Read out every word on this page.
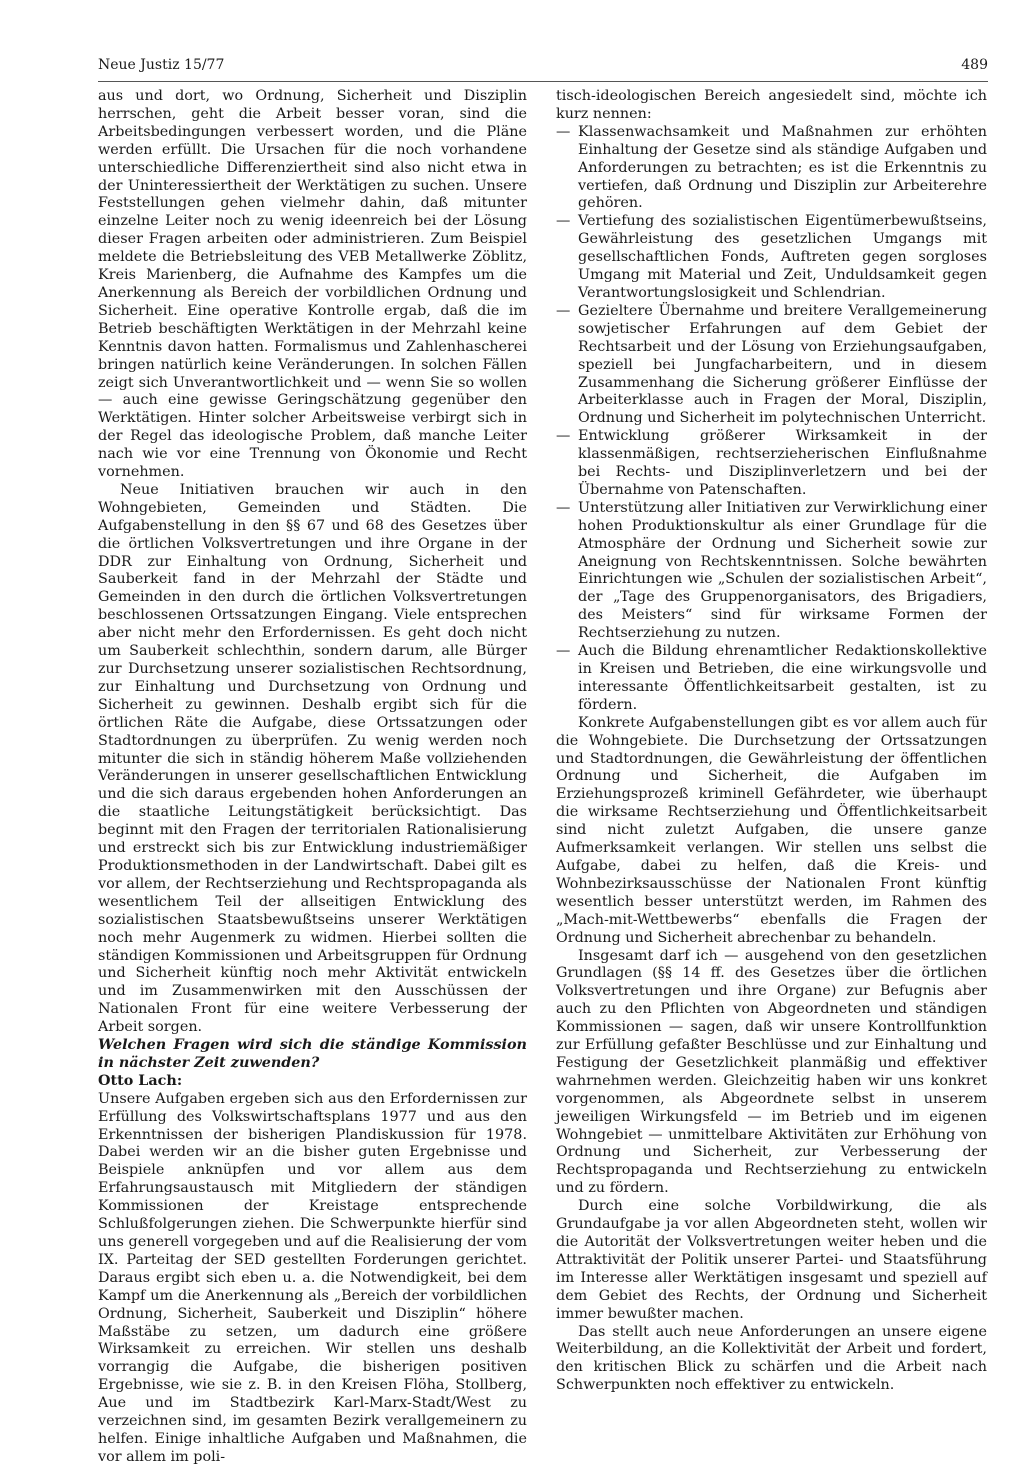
Neue Justiz 15/77	489

aus und dort, wo Ordnung, Sicherheit und Disziplin herrschen, geht die Arbeit besser voran, sind die Arbeitsbedingungen verbessert worden, und die Pläne werden erfüllt. Die Ursachen für die noch vorhandene unterschiedliche Differenziertheit sind also nicht etwa in der Uninteressiertheit der Werktätigen zu suchen. Unsere Feststellungen gehen vielmehr dahin, daß mitunter einzelne Leiter noch zu wenig ideenreich bei der Lösung dieser Fragen arbeiten oder administrieren. Zum Beispiel meldete die Betriebsleitung des VEB Metallwerke Zöblitz, Kreis Marienberg, die Aufnahme des Kampfes um die Anerkennung als Bereich der vorbildlichen Ordnung und Sicherheit. Eine operative Kontrolle ergab, daß die im Betrieb beschäftigten Werktätigen in der Mehrzahl keine Kenntnis davon hatten. Formalismus und Zahlenhascherei bringen natürlich keine Veränderungen. In solchen Fällen zeigt sich Unverantwortlichkeit und — wenn Sie so wollen — auch eine gewisse Geringschätzung gegenüber den Werktätigen. Hinter solcher Arbeitsweise verbirgt sich in der Regel das ideologische Problem, daß manche Leiter nach wie vor eine Trennung von Ökonomie und Recht vornehmen.

Neue Initiativen brauchen wir auch in den Wohngebieten, Gemeinden und Städten. Die Aufgabenstellung in den §§ 67 und 68 des Gesetzes über die örtlichen Volksvertretungen und ihre Organe in der DDR zur Einhaltung von Ordnung, Sicherheit und Sauberkeit fand in der Mehrzahl der Städte und Gemeinden in den durch die örtlichen Volksvertretungen beschlossenen Ortssatzungen Eingang. Viele entsprechen aber nicht mehr den Erfordernissen. Es geht doch nicht um Sauberkeit schlechthin, sondern darum, alle Bürger zur Durchsetzung unserer sozialistischen Rechtsordnung, zur Einhaltung und Durchsetzung von Ordnung und Sicherheit zu gewinnen. Deshalb ergibt sich für die örtlichen Räte die Aufgabe, diese Ortssatzungen oder Stadtordnungen zu überprüfen. Zu wenig werden noch mitunter die sich in ständig höherem Maße vollziehenden Veränderungen in unserer gesellschaftlichen Entwicklung und die sich daraus ergebenden hohen Anforderungen an die staatliche Leitungstätigkeit berücksichtigt. Das beginnt mit den Fragen der territorialen Rationalisierung und erstreckt sich bis zur Entwicklung industriemäßiger Produktionsmethoden in der Landwirtschaft. Dabei gilt es vor allem, der Rechtserziehung und Rechtspropaganda als wesentlichem Teil der allseitigen Entwicklung des sozialistischen Staatsbewußtseins unserer Werktätigen noch mehr Augenmerk zu widmen. Hierbei sollten die ständigen Kommissionen und Arbeitsgruppen für Ordnung und Sicherheit künftig noch mehr Aktivität entwickeln und im Zusammenwirken mit den Ausschüssen der Nationalen Front für eine weitere Verbesserung der Arbeit sorgen.

Welchen Fragen wird sich die ständige Kommission in nächster Zeit zuwenden?

Otto Lach:

Unsere Aufgaben ergeben sich aus den Erfordernissen zur Erfüllung des Volkswirtschaftsplans 1977 und aus den Erkenntnissen der bisherigen Plandiskussion für 1978. Dabei werden wir an die bisher guten Ergebnisse und Beispiele anknüpfen und vor allem aus dem Erfahrungsaustausch mit Mitgliedern der ständigen Kommissionen der Kreistage entsprechende Schlußfolgerungen ziehen. Die Schwerpunkte hierfür sind uns generell vorgegeben und auf die Realisierung der vom IX. Parteitag der SED gestellten Forderungen gerichtet. Daraus ergibt sich eben u. a. die Notwendigkeit, bei dem Kampf um die Anerkennung als „Bereich der vorbildlichen Ordnung, Sicherheit, Sauberkeit und Disziplin“ höhere Maßstäbe zu setzen, um dadurch eine größere Wirksamkeit zu erreichen. Wir stellen uns deshalb vorrangig die Aufgabe, die bisherigen positiven Ergebnisse, wie sie z. B. in den Kreisen Flöha, Stollberg, Aue und im Stadtbezirk Karl-Marx-Stadt/West zu verzeichnen sind, im gesamten Bezirk verallgemeinern zu helfen. Einige inhaltliche Aufgaben und Maßnahmen, die vor allem im poli-

tisch-ideologischen Bereich angesiedelt sind, möchte ich kurz nennen:

— Klassenwachsamkeit und Maßnahmen zur erhöhten Einhaltung der Gesetze sind als ständige Aufgaben und Anforderungen zu betrachten; es ist die Erkenntnis zu vertiefen, daß Ordnung und Disziplin zur Arbeiterehre gehören.
— Vertiefung des sozialistischen Eigentümerbewußtseins, Gewährleistung des gesetzlichen Umgangs mit gesellschaftlichen Fonds, Auftreten gegen sorgloses Umgang mit Material und Zeit, Unduldsamkeit gegen Verantwortungslosigkeit und Schlendrian.
— Gezieltere Übernahme und breitere Verallgemeinerung sowjetischer Erfahrungen auf dem Gebiet der Rechtsarbeit und der Lösung von Erziehungsaufgaben, speziell bei Jungfacharbeitern, und in diesem Zusammenhang die Sicherung größerer Einflüsse der Arbeiterklasse auch in Fragen der Moral, Disziplin, Ordnung und Sicherheit im polytechnischen Unterricht.
— Entwicklung größerer Wirksamkeit in der klassenmäßigen, rechtserzieherischen Einflußnahme bei Rechts- und Disziplinverletzern und bei der Übernahme von Patenschaften.
— Unterstützung aller Initiativen zur Verwirklichung einer hohen Produktionskultur als einer Grundlage für die Atmosphäre der Ordnung und Sicherheit sowie zur Aneignung von Rechtskenntnissen. Solche bewährten Einrichtungen wie „Schulen der sozialistischen Arbeit“, der „Tage des Gruppenorganisators, des Brigadiers, des Meisters“ sind für wirksame Formen der Rechtserziehung zu nutzen.
— Auch die Bildung ehrenamtlicher Redaktionskollektive in Kreisen und Betrieben, die eine wirkungsvolle und interessante Öffentlichkeitsarbeit gestalten, ist zu fördern.

Konkrete Aufgabenstellungen gibt es vor allem auch für die Wohngebiete. Die Durchsetzung der Ortssatzungen und Stadtordnungen, die Gewährleistung der öffentlichen Ordnung und Sicherheit, die Aufgaben im Erziehungsprozeß kriminell Gefährdeter, wie überhaupt die wirksame Rechtserziehung und Öffentlichkeitsarbeit sind nicht zuletzt Aufgaben, die unsere ganze Aufmerksamkeit verlangen. Wir stellen uns selbst die Aufgabe, dabei zu helfen, daß die Kreis- und Wohnbezirksausschüsse der Nationalen Front künftig wesentlich besser unterstützt werden, im Rahmen des „Mach-mit-Wettbewerbs“ ebenfalls die Fragen der Ordnung und Sicherheit abrechenbar zu behandeln.

Insgesamt darf ich — ausgehend von den gesetzlichen Grundlagen (§§ 14 ff. des Gesetzes über die örtlichen Volksvertretungen und ihre Organe) zur Befugnis aber auch zu den Pflichten von Abgeordneten und ständigen Kommissionen — sagen, daß wir unsere Kontrollfunktion zur Erfüllung gefaßter Beschlüsse und zur Einhaltung und Festigung der Gesetzlichkeit planmäßig und effektiver wahrnehmen werden. Gleichzeitig haben wir uns konkret vorgenommen, als Abgeordnete selbst in unserem jeweiligen Wirkungsfeld — im Betrieb und im eigenen Wohngebiet — unmittelbare Aktivitäten zur Erhöhung von Ordnung und Sicherheit, zur Verbesserung der Rechtspropaganda und Rechtserziehung zu entwickeln und zu fördern.

Durch eine solche Vorbildwirkung, die als Grundaufgabe ja vor allen Abgeordneten steht, wollen wir die Autorität der Volksvertretungen weiter heben und die Attraktivität der Politik unserer Partei- und Staatsführung im Interesse aller Werktätigen insgesamt und speziell auf dem Gebiet des Rechts, der Ordnung und Sicherheit immer bewußter machen.

Das stellt auch neue Anforderungen an unsere eigene Weiterbildung, an die Kollektivität der Arbeit und fordert, den kritischen Blick zu schärfen und die Arbeit nach Schwerpunkten noch effektiver zu entwickeln.
